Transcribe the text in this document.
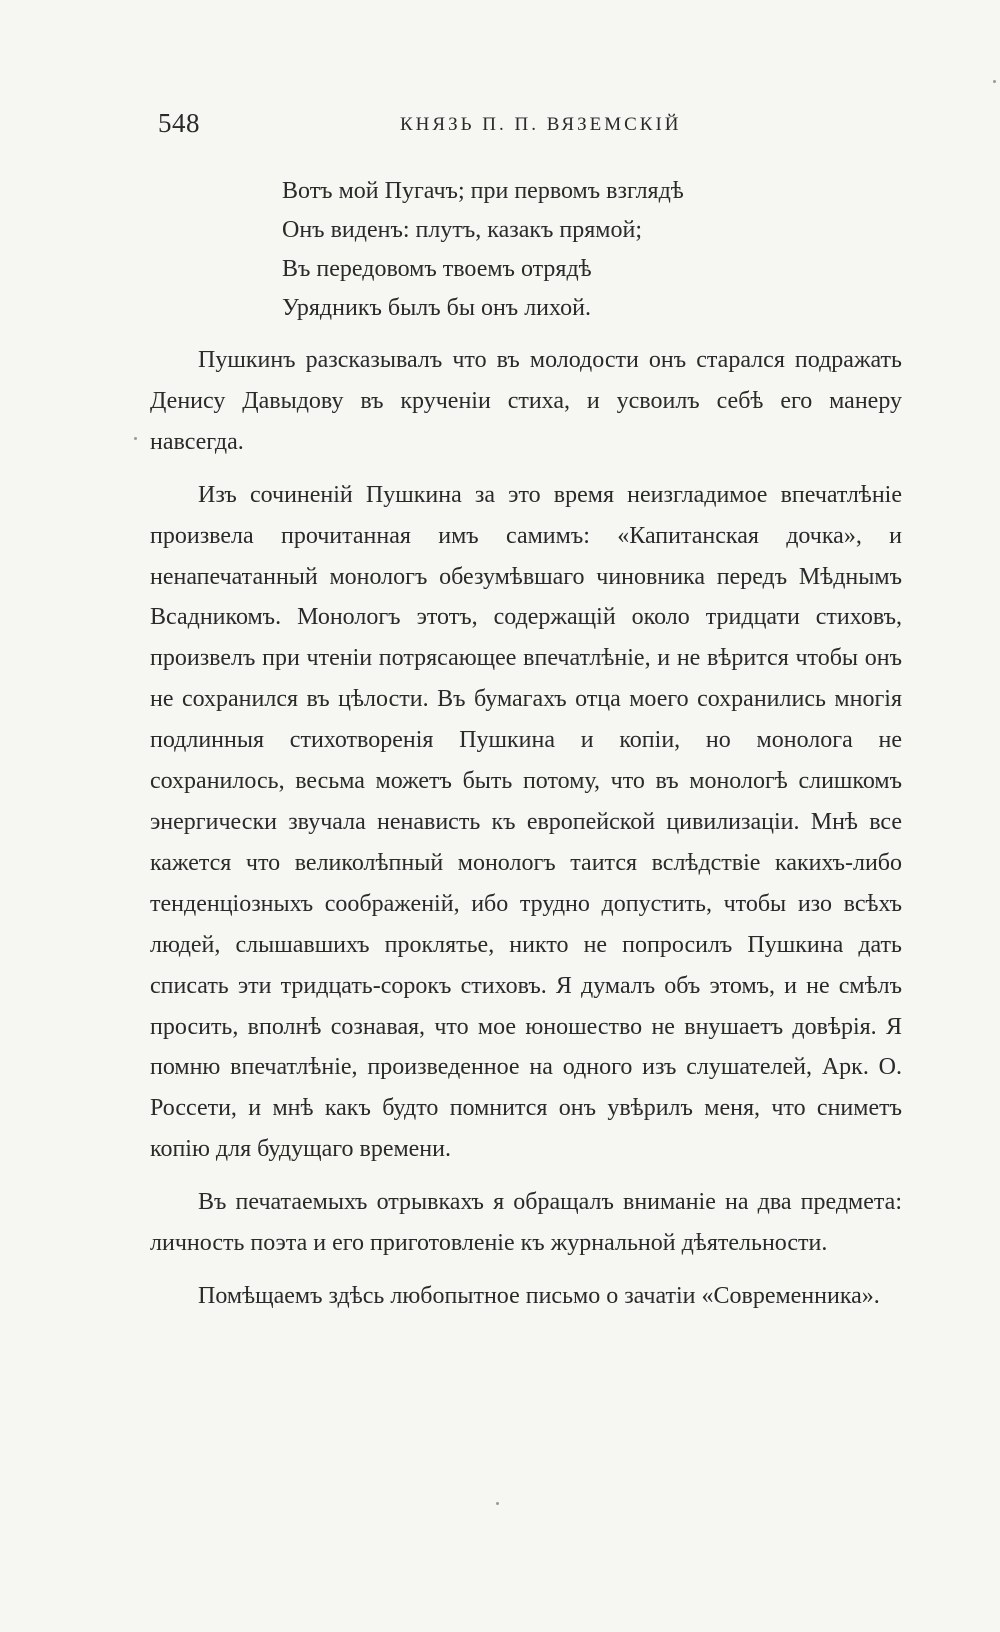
548	КНЯЗЬ П. П. ВЯЗЕМСКІЙ
Вотъ мой Пугачъ; при первомъ взглядѣ
Онъ виденъ: плутъ, казакъ прямой;
Въ передовомъ твоемъ отрядѣ
Урядникъ былъ бы онъ лихой.

Пушкинъ разсказывалъ что въ молодости онъ старался подражать Денису Давыдову въ крученіи стиха, и усвоилъ себѣ его манеру навсегда.

Изъ сочиненій Пушкина за это время неизгладимое впечатлѣніе произвела прочитанная имъ самимъ: «Капитанская дочка», и ненапечатанный монологъ обезумѣвшаго чиновника передъ Мѣднымъ Всадникомъ. Монологъ этотъ, содержащій около тридцати стиховъ, произвелъ при чтеніи потрясающее впечатлѣніе, и не вѣрится чтобы онъ не сохранился въ цѣлости. Въ бумагахъ отца моего сохранились многія подлинныя стихотворенія Пушкина и копіи, но монолога не сохранилось, весьма можетъ быть потому, что въ монологѣ слишкомъ энергически звучала ненависть къ европейской цивилизаціи. Мнѣ все кажется что великолѣпный монологъ таится вслѣдствіе какихъ-либо тенденціозныхъ соображеній, ибо трудно допустить, чтобы изо всѣхъ людей, слышавшихъ проклятье, никто не попросилъ Пушкина дать списать эти тридцать-сорокъ стиховъ. Я думалъ объ этомъ, и не смѣлъ просить, вполнѣ сознавая, что мое юношество не внушаетъ довѣрія. Я помню впечатлѣніе, произведенное на одного изъ слушателей, Арк. О. Россети, и мнѣ какъ будто помнится онъ увѣрилъ меня, что сниметъ копію для будущаго времени.

Въ печатаемыхъ отрывкахъ я обращалъ вниманіе на два предмета: личность поэта и его приготовленіе къ журнальной дѣятельности.

Помѣщаемъ здѣсь любопытное письмо о зачатіи «Современника».
